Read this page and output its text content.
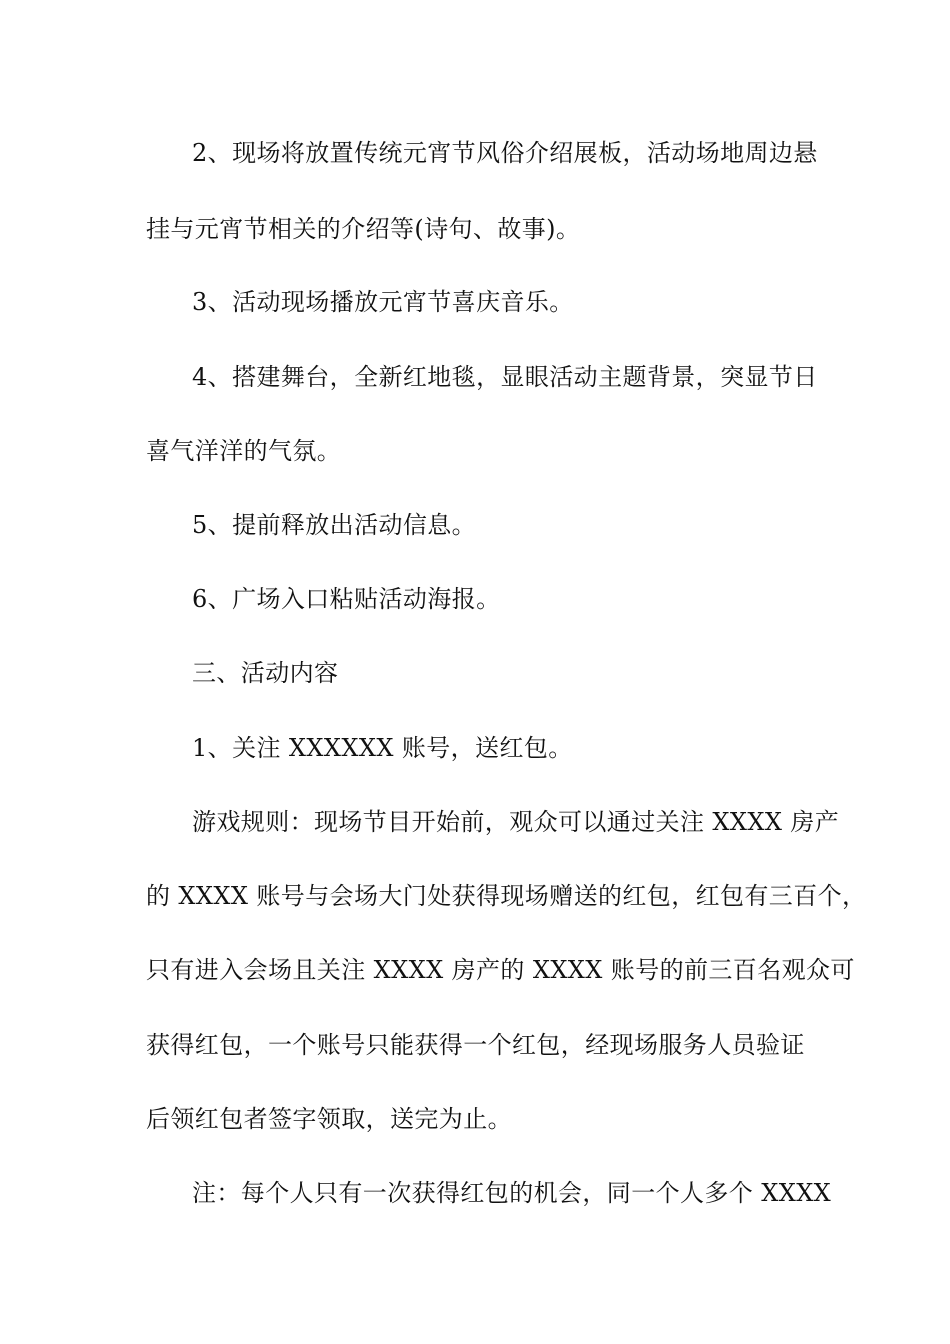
2、现场将放置传统元宵节风俗介绍展板，活动场地周边悬
挂与元宵节相关的介绍等(诗句、故事)。
3、活动现场播放元宵节喜庆音乐。
4、搭建舞台，全新红地毯，显眼活动主题背景，突显节日
喜气洋洋的气氛。
5、提前释放出活动信息。
6、广场入口粘贴活动海报。
三、活动内容
1、关注 XXXXXX 账号，送红包。
游戏规则：现场节目开始前，观众可以通过关注 XXXX 房产
的 XXXX 账号与会场大门处获得现场赠送的红包，红包有三百个，
只有进入会场且关注 XXXX 房产的 XXXX 账号的前三百名观众可
获得红包，一个账号只能获得一个红包，经现场服务人员验证
后领红包者签字领取，送完为止。
注：每个人只有一次获得红包的机会，同一个人多个 XXXX
